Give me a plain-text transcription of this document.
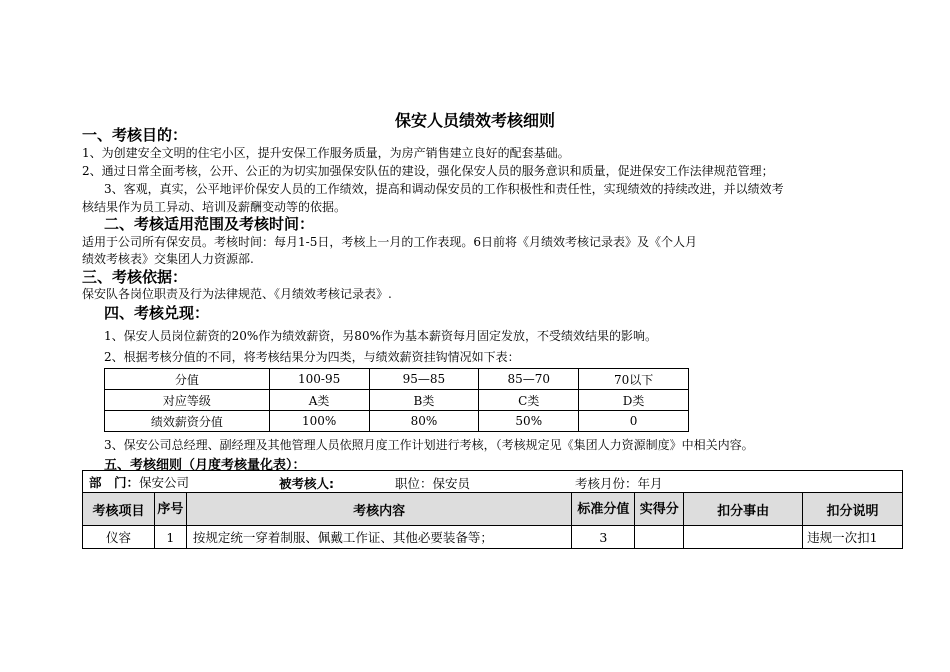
保安人员绩效考核细则
一、考核目的：
1、为创建安全文明的住宅小区，提升安保工作服务质量，为房产销售建立良好的配套基础。
2、通过日常全面考核，公开、公正的为切实加强保安队伍的建设，强化保安人员的服务意识和质量，促进保安工作法律规范管理；
3、客观，真实，公平地评价保安人员的工作绩效，提高和调动保安员的工作积极性和责任性，实现绩效的持续改进，并以绩效考
核结果作为员工异动、培训及薪酬变动等的依据。
二、考核适用范围及考核时间：
适用于公司所有保安员。考核时间：每月1-5日，考核上一月的工作表现。6日前将《月绩效考核记录表》及《个人月
绩效考核表》交集团人力资源部.
三、考核依据：
保安队各岗位职责及行为法律规范、《月绩效考核记录表》.
四、考核兑现：
1、保安人员岗位薪资的20%作为绩效薪资，另80%作为基本薪资每月固定发放，不受绩效结果的影响。
2、根据考核分值的不同，将考核结果分为四类，与绩效薪资挂钩情况如下表：
分值	100-95	95—85	85—70	70以下
对应等级	A类	B类	C类	D类
绩效薪资分值	100%	80%	50%	0
3、保安公司总经理、副经理及其他管理人员依照月度工作计划进行考核，（考核规定见《集团人力资源制度》中相关内容。
五、考核细则（月度考核量化表）：
部　门：保安公司 被考核人: 职位：保安员 考核月份：年月						

考核项目	序号	考核内容	标准分值	实得分	扣分事由	扣分说明
仪容	1	按规定统一穿着制服、佩戴工作证、其他必要装备等；	3			违规一次扣1
